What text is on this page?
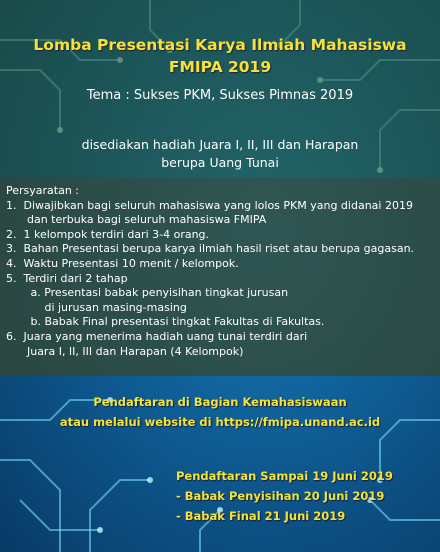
Lomba Presentasi Karya Ilmiah Mahasiswa
FMIPA 2019
Tema : Sukses PKM, Sukses Pimnas 2019
disediakan hadiah Juara I, II, III dan Harapan
berupa Uang Tunai
Persyaratan :
1.  Diwajibkan bagi seluruh mahasiswa yang lolos PKM yang didanai 2019
dan terbuka bagi seluruh mahasiswa FMIPA
2.  1 kelompok terdiri dari 3-4 orang.
3.  Bahan Presentasi berupa karya ilmiah hasil riset atau berupa gagasan.
4.  Waktu Presentasi 10 menit / kelompok.
5.  Terdiri dari 2 tahap
a. Presentasi babak penyisihan tingkat jurusan
di jurusan masing-masing
b. Babak Final presentasi tingkat Fakultas di Fakultas.
6.  Juara yang menerima hadiah uang tunai terdiri dari
Juara I, II, III dan Harapan (4 Kelompok)
Pendaftaran di Bagian Kemahasiswaan
atau melalui website di https://fmipa.unand.ac.id
Pendaftaran Sampai 19 Juni 2019
- Babak Penyisihan 20 Juni 2019
- Babak Final 21 Juni 2019
